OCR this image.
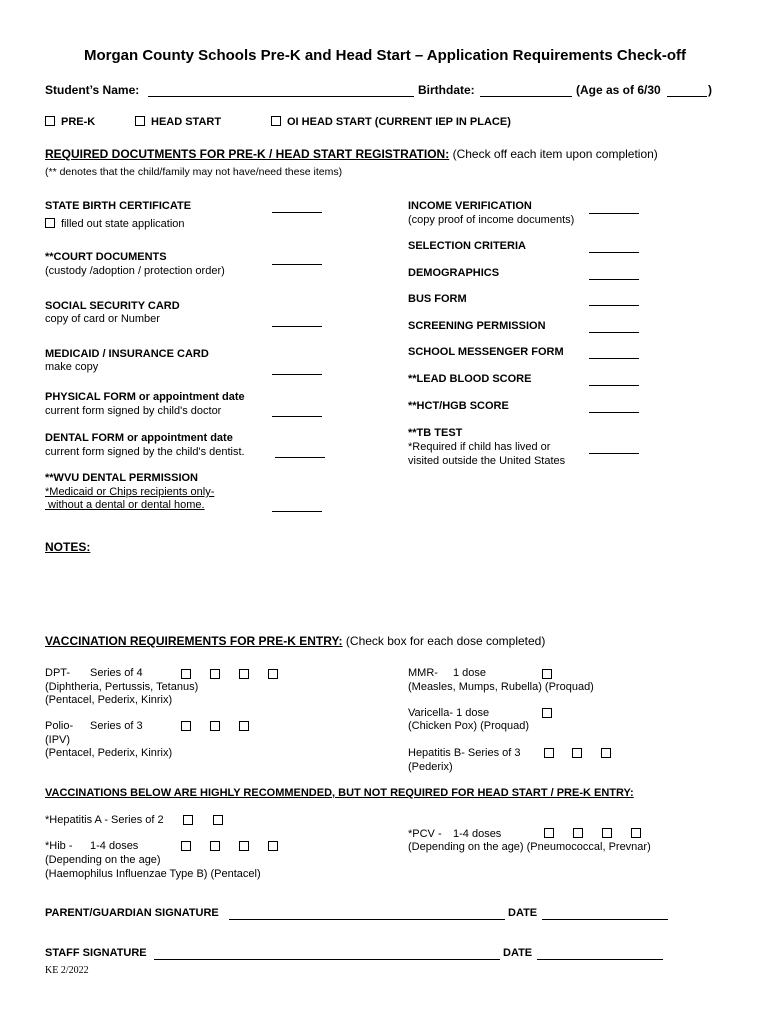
Morgan County Schools Pre-K and Head Start – Application Requirements Check-off
Student’s Name:	Birthdate:	(Age as of 6/30	)
PRE-K	HEAD START	OI HEAD START (CURRENT IEP IN PLACE)
REQUIRED DOCUTMENTS FOR PRE-K / HEAD START REGISTRATION: (Check off each item upon completion)
(** denotes that the child/family may not have/need these items)
STATE BIRTH CERTIFICATE
filled out state application
**COURT DOCUMENTS
(custody /adoption / protection order)
SOCIAL SECURITY CARD
copy of card or Number
MEDICAID / INSURANCE CARD
make copy
PHYSICAL FORM or appointment date
current form signed by child's doctor
DENTAL FORM or appointment date
current form signed by the child's dentist.
**WVU DENTAL PERMISSION
*Medicaid or Chips recipients only-
without a dental or dental home.
INCOME VERIFICATION
(copy proof of income documents)
SELECTION CRITERIA
DEMOGRAPHICS
BUS FORM
SCREENING PERMISSION
SCHOOL MESSENGER FORM
**LEAD BLOOD SCORE
**HCT/HGB SCORE
**TB TEST
*Required if child has lived or
visited outside the United States
NOTES:
VACCINATION REQUIREMENTS FOR PRE-K ENTRY: (Check box for each dose completed)
DPT- Series of 4
(Diphtheria, Pertussis, Tetanus)
(Pentacel, Pederix, Kinrix)
Polio- Series of 3
(IPV)
(Pentacel, Pederix, Kinrix)
MMR- 1 dose
(Measles, Mumps, Rubella) (Proquad)
Varicella- 1 dose
(Chicken Pox) (Proquad)
Hepatitis B- Series of 3
(Pederix)
VACCINATIONS BELOW ARE HIGHLY RECOMMENDED, BUT NOT REQUIRED FOR HEAD START / PRE-K ENTRY:
*Hepatitis A - Series of 2
*Hib - 1-4 doses
(Depending on the age)
(Haemophilus Influenzae Type B) (Pentacel)
*PCV - 1-4 doses
(Depending on the age) (Pneumococcal, Prevnar)
PARENT/GUARDIAN SIGNATURE	DATE
STAFF SIGNATURE	DATE
KE 2/2022
